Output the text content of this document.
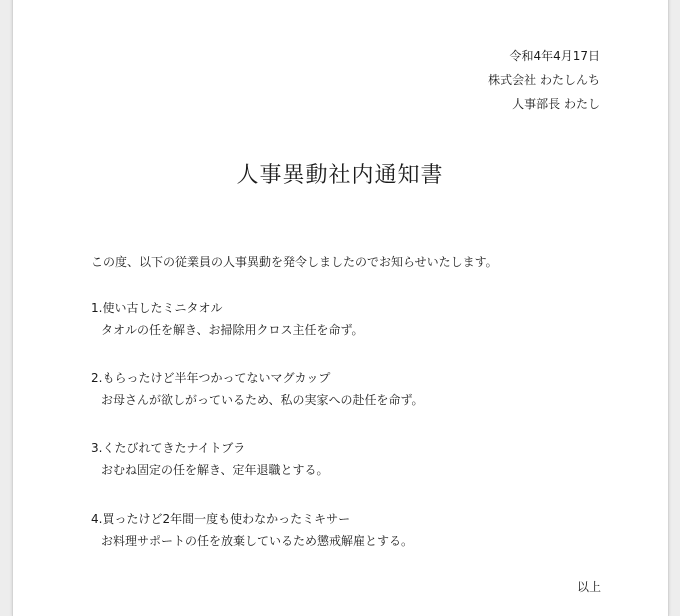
令和4年4月17日
株式会社 わたしんち
人事部長 わたし
人事異動社内通知書
この度、以下の従業員の人事異動を発令しましたのでお知らせいたします。
1.使い古したミニタオル
タオルの任を解き、お掃除用クロス主任を命ず。
2.もらったけど半年つかってないマグカップ
お母さんが欲しがっているため、私の実家への赴任を命ず。
3.くたびれてきたナイトブラ
おむね固定の任を解き、定年退職とする。
4.買ったけど2年間一度も使わなかったミキサー
お料理サポートの任を放棄しているため懲戒解雇とする。
以上
